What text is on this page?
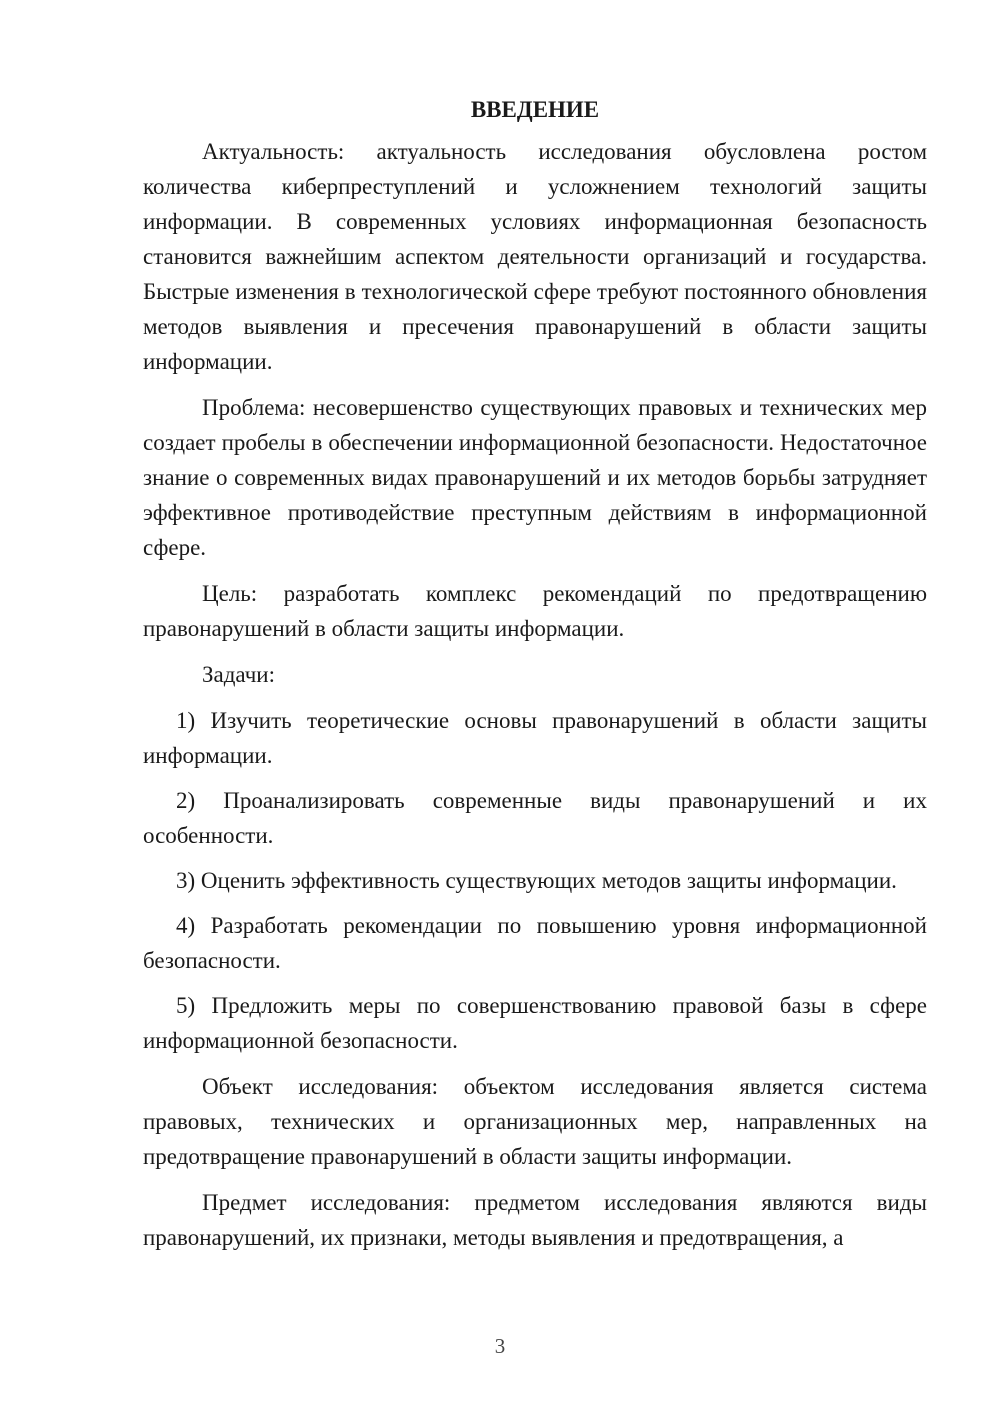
ВВЕДЕНИЕ

Актуальность: актуальность исследования обусловлена ростом количества киберпреступлений и усложнением технологий защиты информации. В современных условиях информационная безопасность становится важнейшим аспектом деятельности организаций и государства. Быстрые изменения в технологической сфере требуют постоянного обновления методов выявления и пресечения правонарушений в области защиты информации.

Проблема: несовершенство существующих правовых и технических мер создает пробелы в обеспечении информационной безопасности. Недостаточное знание о современных видах правонарушений и их методов борьбы затрудняет эффективное противодействие преступным действиям в информационной сфере.

Цель: разработать комплекс рекомендаций по предотвращению правонарушений в области защиты информации.

Задачи:

1) Изучить теоретические основы правонарушений в области защиты информации.

2) Проанализировать современные виды правонарушений и их особенности.

3) Оценить эффективность существующих методов защиты информации.

4) Разработать рекомендации по повышению уровня информационной безопасности.

5) Предложить меры по совершенствованию правовой базы в сфере информационной безопасности.

Объект исследования: объектом исследования является система правовых, технических и организационных мер, направленных на предотвращение правонарушений в области защиты информации.

Предмет исследования: предметом исследования являются виды правонарушений, их признаки, методы выявления и предотвращения, а

3
